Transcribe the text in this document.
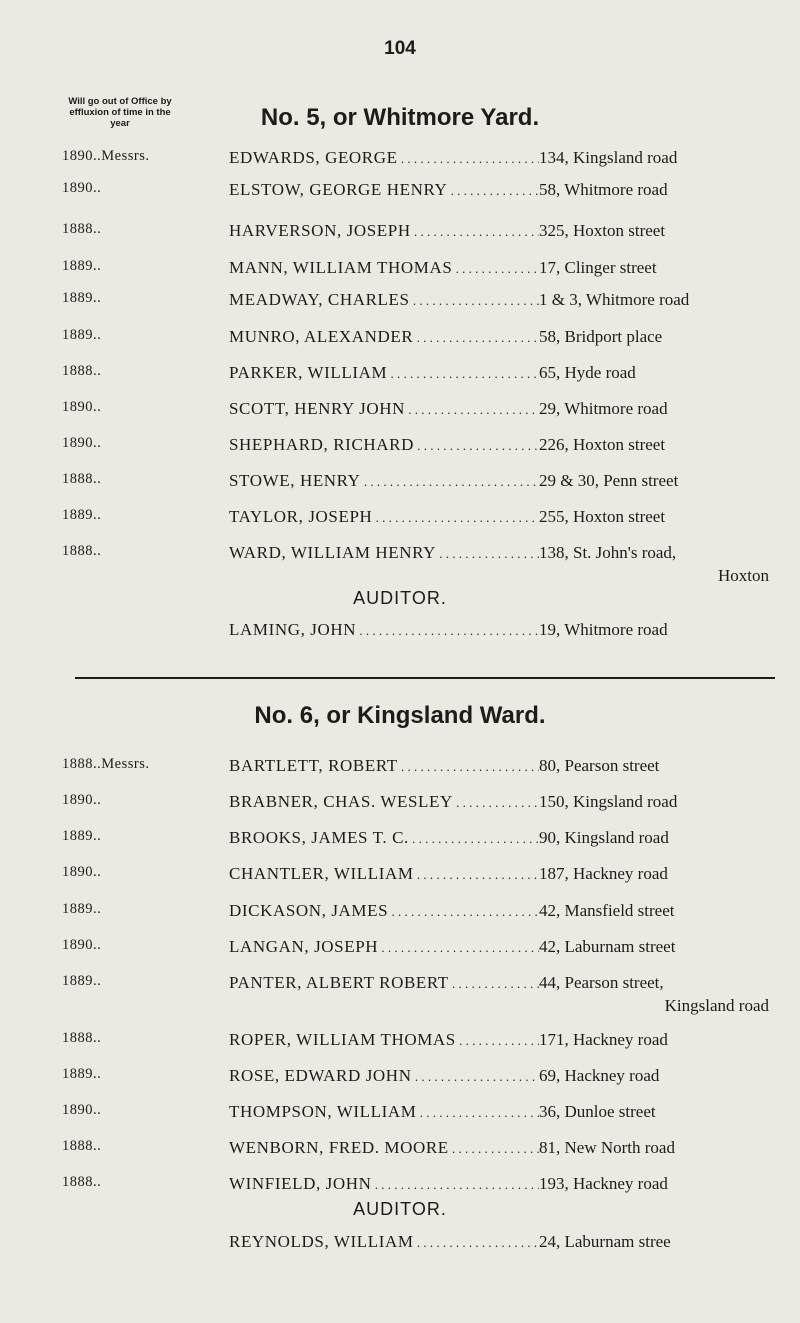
104
Will go out of Office by effluxion of time in the year	No. 5, or Whitmore Yard.
1890..Messrs.	EDWARDS, GEORGE . . .	134, Kingsland road
1890..	ELSTOW, GEORGE HENRY . . .	58, Whitmore road
1888..	HARVERSON, JOSEPH . . .	325, Hoxton street
1889..	MANN, WILLIAM THOMAS . . .	17, Clinger street
1889..	MEADWAY, CHARLES . . .	1 & 3, Whitmore road
1889..	MUNRO, ALEXANDER . . .	58, Bridport place
1888..	PARKER, WILLIAM . . .	65, Hyde road
1890..	SCOTT, HENRY JOHN . . .	29, Whitmore road
1890..	SHEPHARD, RICHARD . . .	226, Hoxton street
1888..	STOWE, HENRY . . .	29 & 30, Penn street
1889..	TAYLOR, JOSEPH . . .	255, Hoxton street
1888..	WARD, WILLIAM HENRY . . .	138, St. John's road,
Hoxton
AUDITOR.
LAMING, JOHN . . .	19, Whitmore road
No. 6, or Kingsland Ward.
1888..Messrs.	BARTLETT, ROBERT . . .	80, Pearson street
1890..	BRABNER, CHAS. WESLEY . . .	150, Kingsland road
1889..	BROOKS, JAMES T. C. . . .	90, Kingsland road
1890..	CHANTLER, WILLIAM . . .	187, Hackney road
1889..	DICKASON, JAMES . . .	42, Mansfield street
1890..	LANGAN, JOSEPH . . .	42, Laburnam street
1889..	PANTER, ALBERT ROBERT . . .	44, Pearson street,
Kingsland road
1888..	ROPER, WILLIAM THOMAS . . .	171, Hackney road
1889..	ROSE, EDWARD JOHN . . .	69, Hackney road
1890..	THOMPSON, WILLIAM . . .	36, Dunloe street
1888..	WENBORN, FRED. MOORE . . .	81, New North road
1888..	WINFIELD, JOHN . . .	193, Hackney road
AUDITOR.
REYNOLDS, WILLIAM . . .	24, Laburnam stree
